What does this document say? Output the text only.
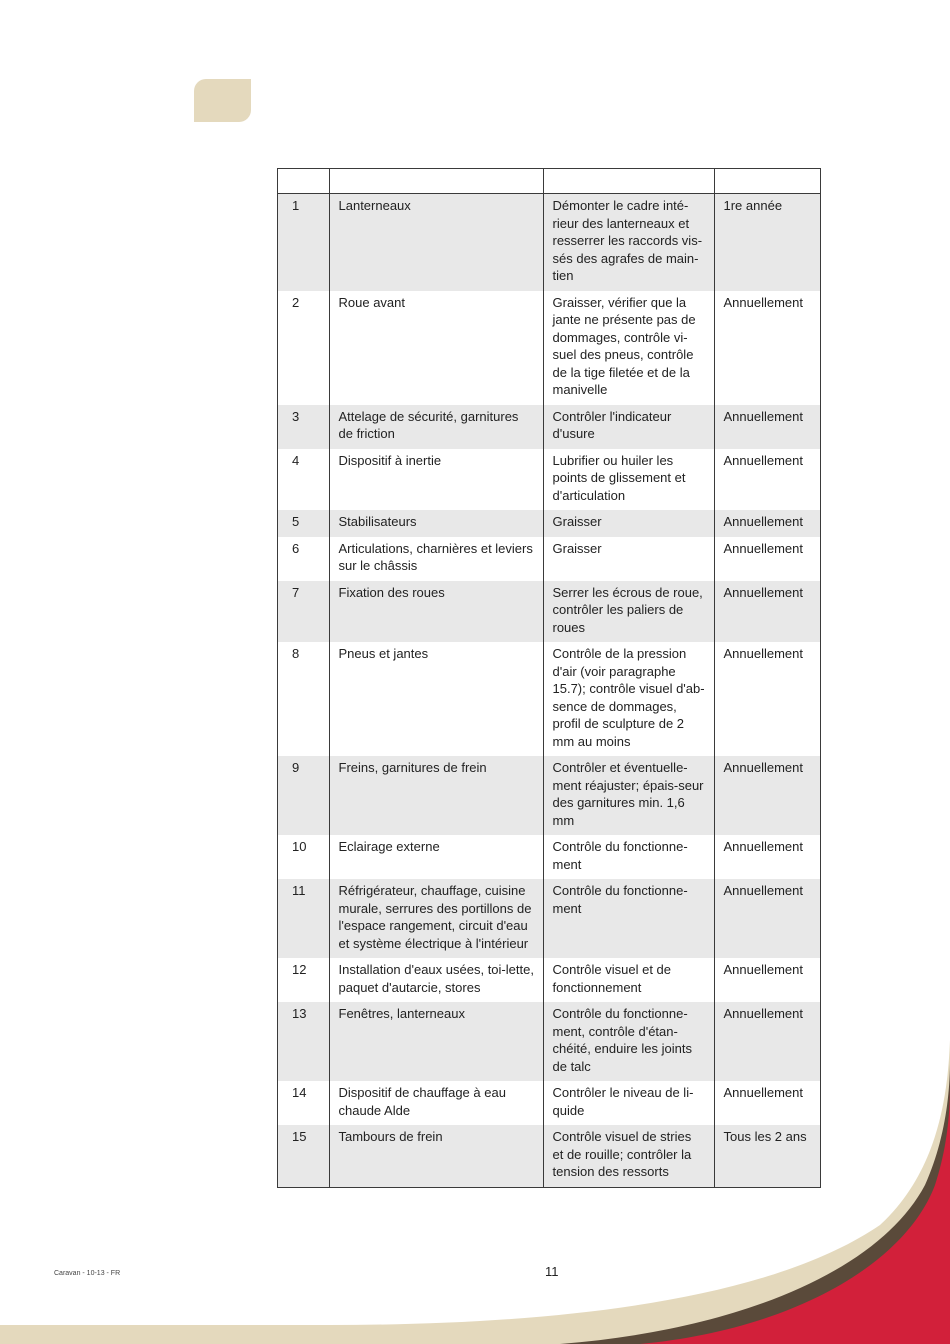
1	Lanterneaux	Démonter le cadre inté-rieur des lanterneaux et resserrer les raccords vis-sés des agrafes de main-tien	1re année
2	Roue avant	Graisser, vérifier que la jante ne présente pas de dommages, contrôle vi-suel des pneus, contrôle de la tige filetée et de la manivelle	Annuellement
3	Attelage de sécurité, garnitures de friction	Contrôler l'indicateur d'usure	Annuellement
4	Dispositif à inertie	Lubrifier ou huiler les points de glissement et d'articulation	Annuellement
5	Stabilisateurs	Graisser	Annuellement
6	Articulations, charnières et leviers sur le châssis	Graisser	Annuellement
7	Fixation des roues	Serrer les écrous de roue, contrôler les paliers de roues	Annuellement
8	Pneus et jantes	Contrôle de la pression d'air (voir paragraphe 15.7); contrôle visuel d'ab-sence de dommages, profil de sculpture de 2 mm au moins	Annuellement
9	Freins, garnitures de frein	Contrôler et éventuelle-ment réajuster; épais-seur des garnitures min. 1,6 mm	Annuellement
10	Eclairage externe	Contrôle du fonctionne-ment	Annuellement
11	Réfrigérateur, chauffage, cuisine murale, serrures des portillons de l'espace rangement, circuit d'eau et système électrique à l'intérieur	Contrôle du fonctionne-ment	Annuellement
12	Installation d'eaux usées, toi-lette, paquet d'autarcie, stores	Contrôle visuel et de fonctionnement	Annuellement
13	Fenêtres, lanterneaux	Contrôle du fonctionne-ment, contrôle d'étan-chéité, enduire les joints de talc	Annuellement
14	Dispositif de chauffage à eau chaude Alde	Contrôler le niveau de li-quide	Annuellement
15	Tambours de frein	Contrôle visuel de stries et de rouille; contrôler la tension des ressorts	Tous les 2 ans
Caravan - 10-13 - FR	11
